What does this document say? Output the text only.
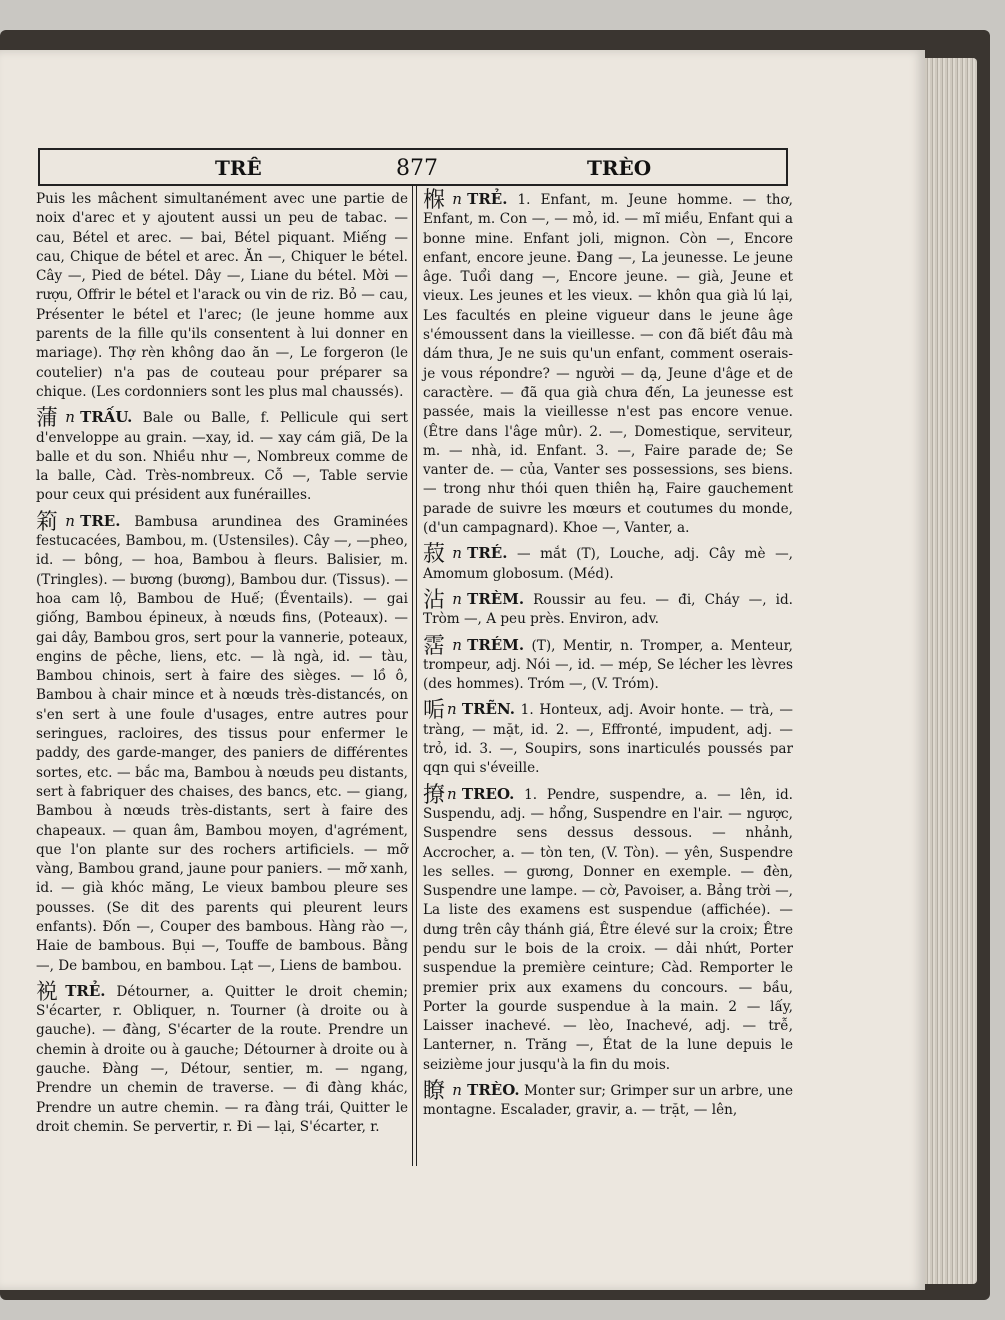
TRÊ	877	TRÈO

Puis les mâchent simultanément avec une partie de noix d'arec et y ajoutent aussi un peu de tabac. — cau, Bétel et arec. — bai, Bétel piquant. Miếng — cau, Chique de bétel et arec. Ăn —, Chiquer le bétel. Cây —, Pied de bétel. Dây —, Liane du bétel. Mời — rượu, Offrir le bétel et l'arack ou vin de riz. Bỏ — cau, Présenter le bétel et l'arec; (le jeune homme aux parents de la fille qu'ils consentent à lui donner en mariage). Thợ rèn không dao ăn —, Le forgeron (le coutelier) n'a pas de couteau pour préparer sa chique. (Les cordonniers sont les plus mal chaussés).

蒲 n TRẤU. Bale ou Balle, f. Pellicule qui sert d'enveloppe au grain. —xay, id. — xay cám giã, De la balle et du son. Nhiều như —, Nombreux comme de la balle, Càd. Très-nombreux. Cỗ —, Table servie pour ceux qui président aux funérailles.

筣 n TRE. Bambusa arundinea des Graminées festucacées, Bambou, m. (Ustensiles). Cây —, —pheo, id. — bông, — hoa, Bambou à fleurs. Balisier, m. (Tringles). — bương (bương), Bambou dur. (Tissus). — hoa cam lộ, Bambou de Huế; (Éventails). — gai giống, Bambou épineux, à nœuds fins, (Poteaux). — gai dây, Bambou gros, sert pour la vannerie, poteaux, engins de pêche, liens, etc. — là ngà, id. — tàu, Bambou chinois, sert à faire des sièges. — lồ ô, Bambou à chair mince et à nœuds très-distancés, on s'en sert à une foule d'usages, entre autres pour seringues, racloires, des tissus pour enfermer le paddy, des garde-manger, des paniers de différentes sortes, etc. — bắc ma, Bambou à nœuds peu distants, sert à fabriquer des chaises, des bancs, etc. — giang, Bambou à nœuds très-distants, sert à faire des chapeaux. — quan âm, Bambou moyen, d'agrément, que l'on plante sur des rochers artificiels. — mỡ vàng, Bambou grand, jaune pour paniers. — mỡ xanh, id. — già khóc măng, Le vieux bambou pleure ses pousses. (Se dit des parents qui pleurent leurs enfants). Đốn —, Couper des bambous. Hàng rào —, Haie de bambous. Bụi —, Touffe de bambous. Bằng —, De bambou, en bambou. Lạt —, Liens de bambou.

裞 TRẺ. Détourner, a. Quitter le droit chemin; S'écarter, r. Obliquer, n. Tourner (à droite ou à gauche). — đàng, S'écarter de la route. Prendre un chemin à droite ou à gauche; Détourner à droite ou à gauche. Đàng —, Détour, sentier, m. — ngang, Prendre un chemin de traverse. — đi đàng khác, Prendre un autre chemin. — ra đàng trái, Quitter le droit chemin. Se pervertir, r. Đi — lại, S'écarter, r.

椺 n TRẺ. 1. Enfant, m. Jeune homme. — thơ, Enfant, m. Con —, — mỏ, id. — mĩ miều, Enfant qui a bonne mine. Enfant joli, mignon. Còn —, Encore enfant, encore jeune. Đang —, La jeunesse. Le jeune âge. Tuổi dang —, Encore jeune. — già, Jeune et vieux. Les jeunes et les vieux. — khôn qua già lú lại, Les facultés en pleine vigueur dans le jeune âge s'émoussent dans la vieillesse. — con đã biết đâu mà dám thưa, Je ne suis qu'un enfant, comment oserais-je vous répondre? — người — dạ, Jeune d'âge et de caractère. — đã qua già chưa đến, La jeunesse est passée, mais la vieillesse n'est pas encore venue. (Être dans l'âge mûr). 2. —, Domestique, serviteur, m. — nhà, id. Enfant. 3. —, Faire parade de; Se vanter de. — của, Vanter ses possessions, ses biens. — trong như thói quen thiên hạ, Faire gauchement parade de suivre les mœurs et coutumes du monde, (d'un campagnard). Khoe —, Vanter, a.

菽 n TRÉ. — mắt (T), Louche, adj. Cây mè —, Amomum globosum. (Méd).

沾 n TRÈM. Roussir au feu. — đi, Cháy —, id. Tròm —, A peu près. Environ, adv.

霑 n TRÉM. (T), Mentir, n. Tromper, a. Menteur, trompeur, adj. Nói —, id. — mép, Se lécher les lèvres (des hommes). Tróm —, (V. Tróm).

㖃 n TRẼN. 1. Honteux, adj. Avoir honte. — trà, — tràng, — mặt, id. 2. —, Effronté, impudent, adj. — trỏ, id. 3. —, Soupirs, sons inarticulés poussés par qqn qui s'éveille.

撩 n TREO. 1. Pendre, suspendre, a. — lên, id. Suspendu, adj. — hổng, Suspendre en l'air. — ngược, Suspendre sens dessus dessous. — nhảnh, Accrocher, a. — tòn ten, (V. Tòn). — yên, Suspendre les selles. — gương, Donner en exemple. — đèn, Suspendre une lampe. — cờ, Pavoiser, a. Bảng trời —, La liste des examens est suspendue (affichée). — dưng trên cây thánh giá, Être élevé sur la croix; Être pendu sur le bois de la croix. — dải nhứt, Porter suspendue la première ceinture; Càd. Remporter le premier prix aux examens du concours. — bầu, Porter la gourde suspendue à la main. 2 — lấy, Laisser inachevé. — lèo, Inachevé, adj. — trễ, Lanterner, n. Trăng —, État de la lune depuis le seizième jour jusqu'à la fin du mois.

瞭 n TRÈO. Monter sur; Grimper sur un arbre, une montagne. Escalader, gravir, a. — trặt, — lên,
